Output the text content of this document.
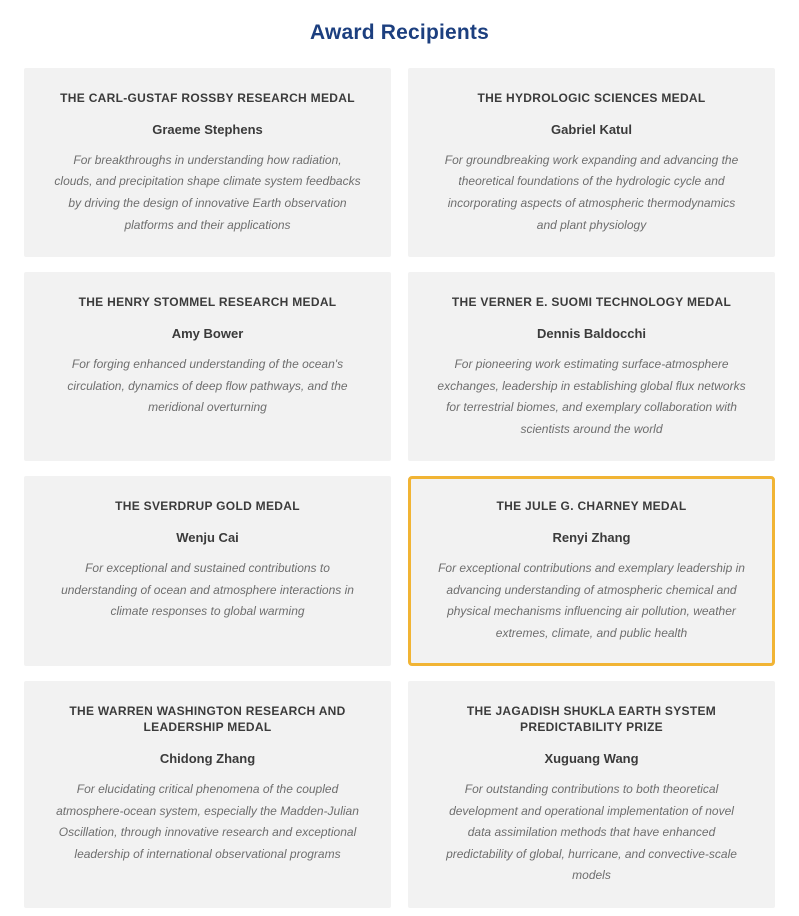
Award Recipients
THE CARL-GUSTAF ROSSBY RESEARCH MEDAL
Graeme Stephens
For breakthroughs in understanding how radiation, clouds, and precipitation shape climate system feedbacks by driving the design of innovative Earth observation platforms and their applications
THE HYDROLOGIC SCIENCES MEDAL
Gabriel Katul
For groundbreaking work expanding and advancing the theoretical foundations of the hydrologic cycle and incorporating aspects of atmospheric thermodynamics and plant physiology
THE HENRY STOMMEL RESEARCH MEDAL
Amy Bower
For forging enhanced understanding of the ocean's circulation, dynamics of deep flow pathways, and the meridional overturning
THE VERNER E. SUOMI TECHNOLOGY MEDAL
Dennis Baldocchi
For pioneering work estimating surface-atmosphere exchanges, leadership in establishing global flux networks for terrestrial biomes, and exemplary collaboration with scientists around the world
THE SVERDRUP GOLD MEDAL
Wenju Cai
For exceptional and sustained contributions to understanding of ocean and atmosphere interactions in climate responses to global warming
THE JULE G. CHARNEY MEDAL
Renyi Zhang
For exceptional contributions and exemplary leadership in advancing understanding of atmospheric chemical and physical mechanisms influencing air pollution, weather extremes, climate, and public health
THE WARREN WASHINGTON RESEARCH AND LEADERSHIP MEDAL
Chidong Zhang
For elucidating critical phenomena of the coupled atmosphere-ocean system, especially the Madden-Julian Oscillation, through innovative research and exceptional leadership of international observational programs
THE JAGADISH SHUKLA EARTH SYSTEM PREDICTABILITY PRIZE
Xuguang Wang
For outstanding contributions to both theoretical development and operational implementation of novel data assimilation methods that have enhanced predictability of global, hurricane, and convective-scale models
